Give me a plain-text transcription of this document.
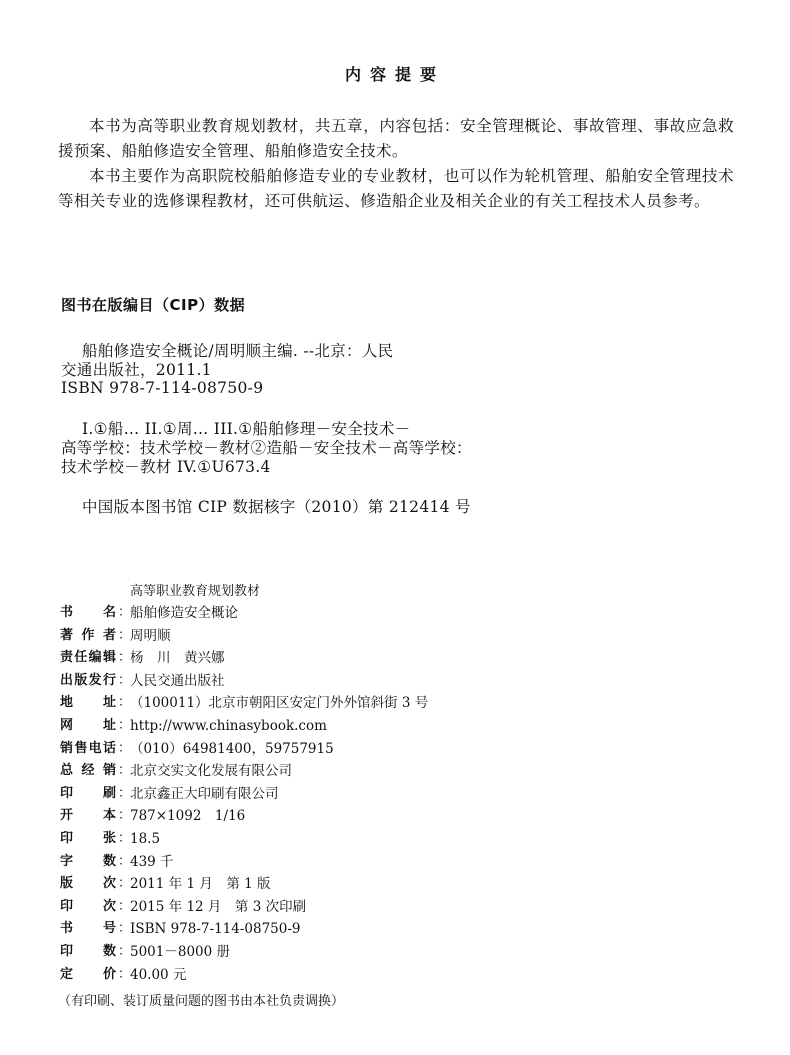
内容提要

本书为高等职业教育规划教材，共五章，内容包括：安全管理概论、事故管理、事故应急救援预案、船舶修造安全管理、船舶修造安全技术。

本书主要作为高职院校船舶修造专业的专业教材，也可以作为轮机管理、船舶安全管理技术等相关专业的选修课程教材，还可供航运、修造船企业及相关企业的有关工程技术人员参考。

图书在版编目（CIP）数据
船舶修造安全概论/周明顺主编. --北京：人民
交通出版社，2011.1
ISBN 978-7-114-08750-9
I.①船… II.①周… III.①船舶修理－安全技术－
高等学校：技术学校－教材②造船－安全技术－高等学校：
技术学校－教材 IV.①U673.4
中国版本图书馆 CIP 数据核字（2010）第 212414 号
高等职业教育规划教材
书名 ：
船舶修造安全概论
著作者 ：
周明顺
责任编辑 ：
杨　川　黄兴娜
出版发行 ：
人民交通出版社
地址 ：
（100011）北京市朝阳区安定门外外馆斜街 3 号
网址 ：
http://www.chinasybook.com
销售电话 ：
（010）64981400，59757915
总经销 ：
北京交实文化发展有限公司
印刷 ：
北京鑫正大印刷有限公司
开本 ：
787×1092　1/16
印张 ：
18.5
字数 ：
439 千
版次 ：
2011 年 1 月　第 1 版
印次 ：
2015 年 12 月　第 3 次印刷
书号 ：
ISBN 978-7-114-08750-9
印数 ：
5001－8000 册
定价 ：
40.00 元
（有印刷、装订质量问题的图书由本社负责调换）
